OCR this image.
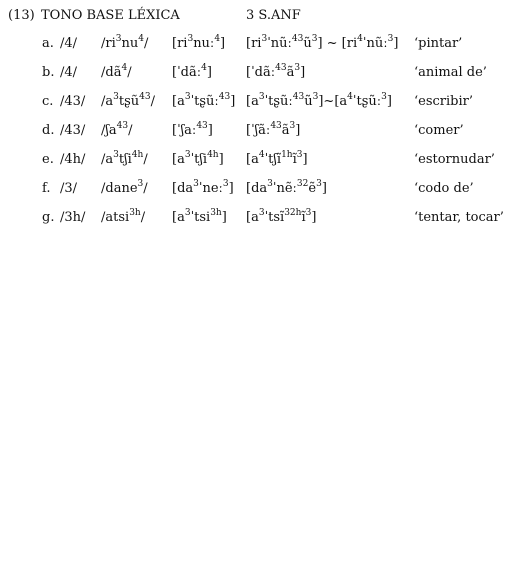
(13) TONO BASE LÉXICA	3 S.ANF
a. /4/ $/ri^3nu^4/$ $[ri^3nuː^4]$ $[ri^3ˈnũː^{43}ũ^3]$ ~ $[ri^4ˈnũː^3]$ ‘pintar’
b. /4/ $/dã^4/$	[ˈdãː$^4$]	$[ˈdãː^{43}ã^3]$	‘animal de’
c. /43/ $/a^3tʂũ^{43}/$ $[a^3ˈtʂũː^{43}]$ $[a^3ˈtʂũː^{43}ũ^3]\sim[a^4ˈtʂũː^3]$ ‘escribir’
d. /43/ /ʃa$^{43}$/	[ˈʃaː$^{43}$]	$[ˈʃãː^{43}ã^3]$	‘comer’
e. /4h/ $/a^3tʃi^{4h}/$ $[a^3ˈtʃi^{4h}]$ $[a^4ˈtʃĩ^{1h}ĩ^3]$	‘estornudar’
f. /3/ /dane$^3$/ $[da^3ˈneː^3]$ $[da^3ˈnẽː^{32}ẽ^3]$	‘codo de’
g. /3h/ /atsi$^{3h}$/ $[a^3ˈtsi^{3h}]$ $[a^3ˈtsĩ^{32h}ĩ^3]$	‘tentar, tocar’
